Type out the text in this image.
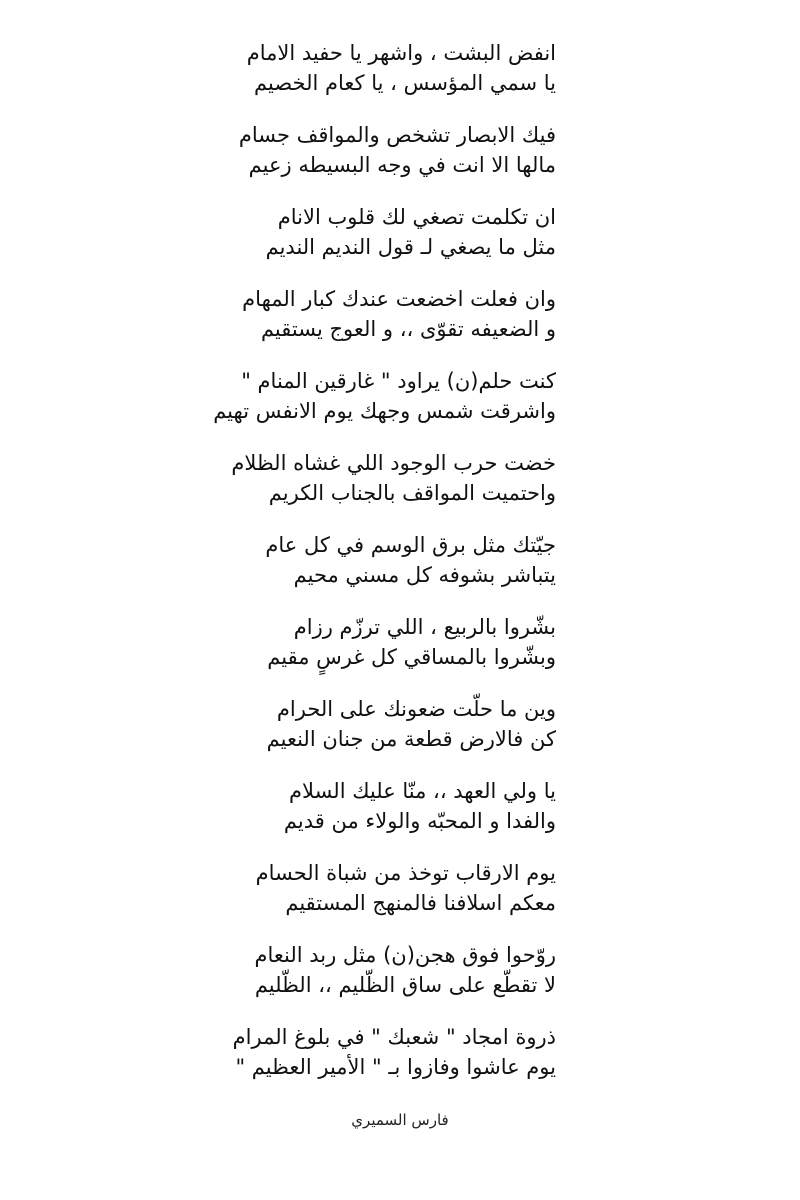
انفض البشت ، واشهر يا حفيد الامام
يا سمي المؤسس ، يا كعام الخصيم
فيك الابصار تشخص والمواقف جسام
مالها الا انت في وجه البسيطه زعيم
ان تكلمت تصغي لك قلوب الانام
مثل ما يصغي لـ قول النديم النديم
وان فعلت اخضعت عندك كبار المهام
و الضعيفه تقوّى ،، و العوج يستقيم
كنت حلم(ن) يراود " غارقين المنام "
واشرقت شمس وجهك يوم الانفس تهيم
خضت حرب الوجود اللي غشاه الظلام
واحتميت المواقف بالجناب الكريم
جيّتك مثل برق الوسم في كل عام
يتباشر بشوفه كل مسني محيم
بشّروا بالربيع ، اللي ترزّم رزام
وبشّروا بالمساقي كل غرسٍ مقيم
وين ما حلّت ضعونك على الحرام
كن فالارض قطعة من جنان النعيم
يا ولي العهد ،، منّا عليك السلام
والفدا و المحبّه والولاء من قديم
يوم الارقاب توخذ من شباة الحسام
معكم اسلافنا فالمنهج المستقيم
روّحوا فوق هجن(ن) مثل ربد النعام
لا تقطّع على ساق الظّليم ،، الظّليم
ذروة امجاد " شعبك " في بلوغ المرام
يوم عاشوا وفازوا بـ " الأمير العظيم "
فارس السميري
